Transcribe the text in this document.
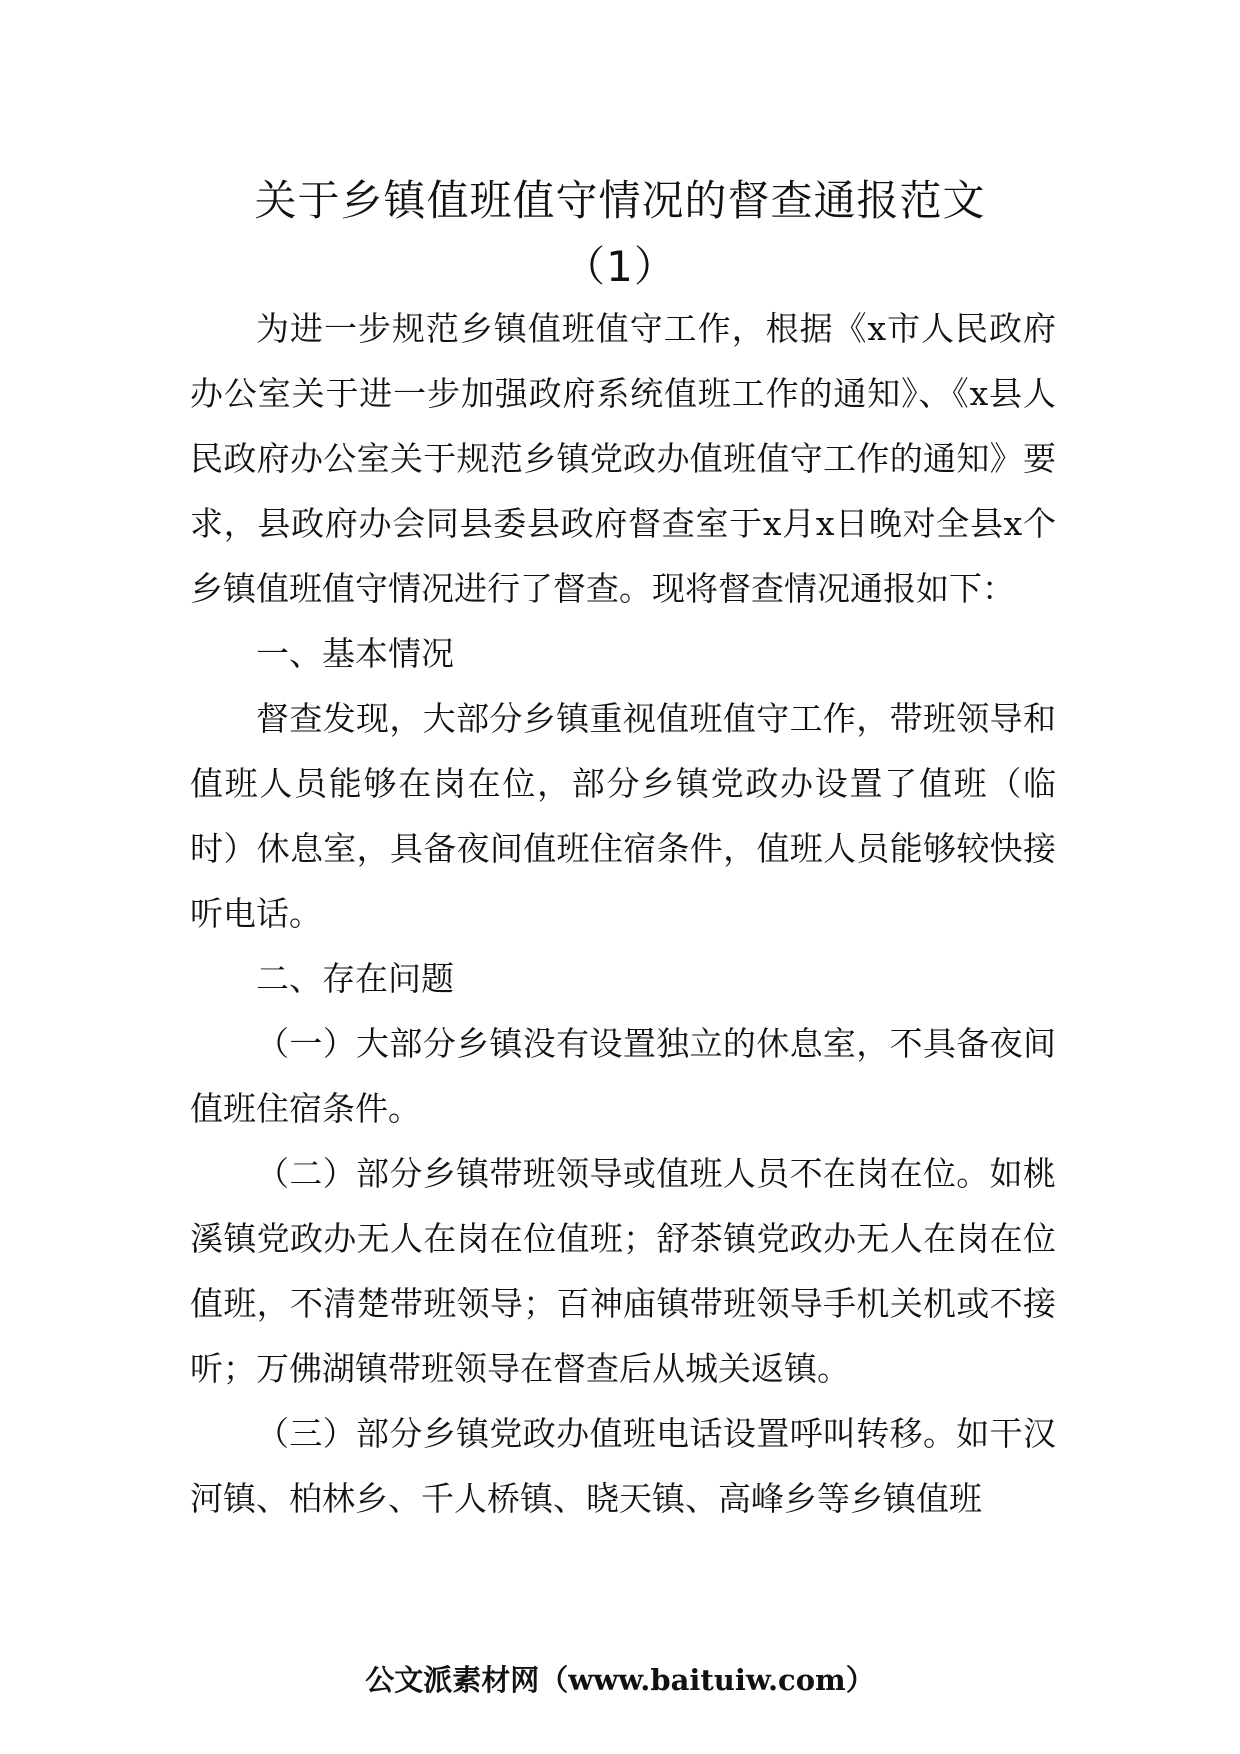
关于乡镇值班值守情况的督查通报范文
（1）

为进一步规范乡镇值班值守工作，根据《x市人民政府办公室关于进一步加强政府系统值班工作的通知》、《x县人民政府办公室关于规范乡镇党政办值班值守工作的通知》要求，县政府办会同县委县政府督查室于x月x日晚对全县x个乡镇值班值守情况进行了督查。现将督查情况通报如下：

一、基本情况

督查发现，大部分乡镇重视值班值守工作，带班领导和值班人员能够在岗在位，部分乡镇党政办设置了值班（临时）休息室，具备夜间值班住宿条件，值班人员能够较快接听电话。

二、存在问题

（一）大部分乡镇没有设置独立的休息室，不具备夜间值班住宿条件。

（二）部分乡镇带班领导或值班人员不在岗在位。如桃溪镇党政办无人在岗在位值班；舒茶镇党政办无人在岗在位值班，不清楚带班领导；百神庙镇带班领导手机关机或不接听；万佛湖镇带班领导在督查后从城关返镇。

（三）部分乡镇党政办值班电话设置呼叫转移。如干汉河镇、柏林乡、千人桥镇、晓天镇、高峰乡等乡镇值班

公文派素材网（www.baituiw.com）
